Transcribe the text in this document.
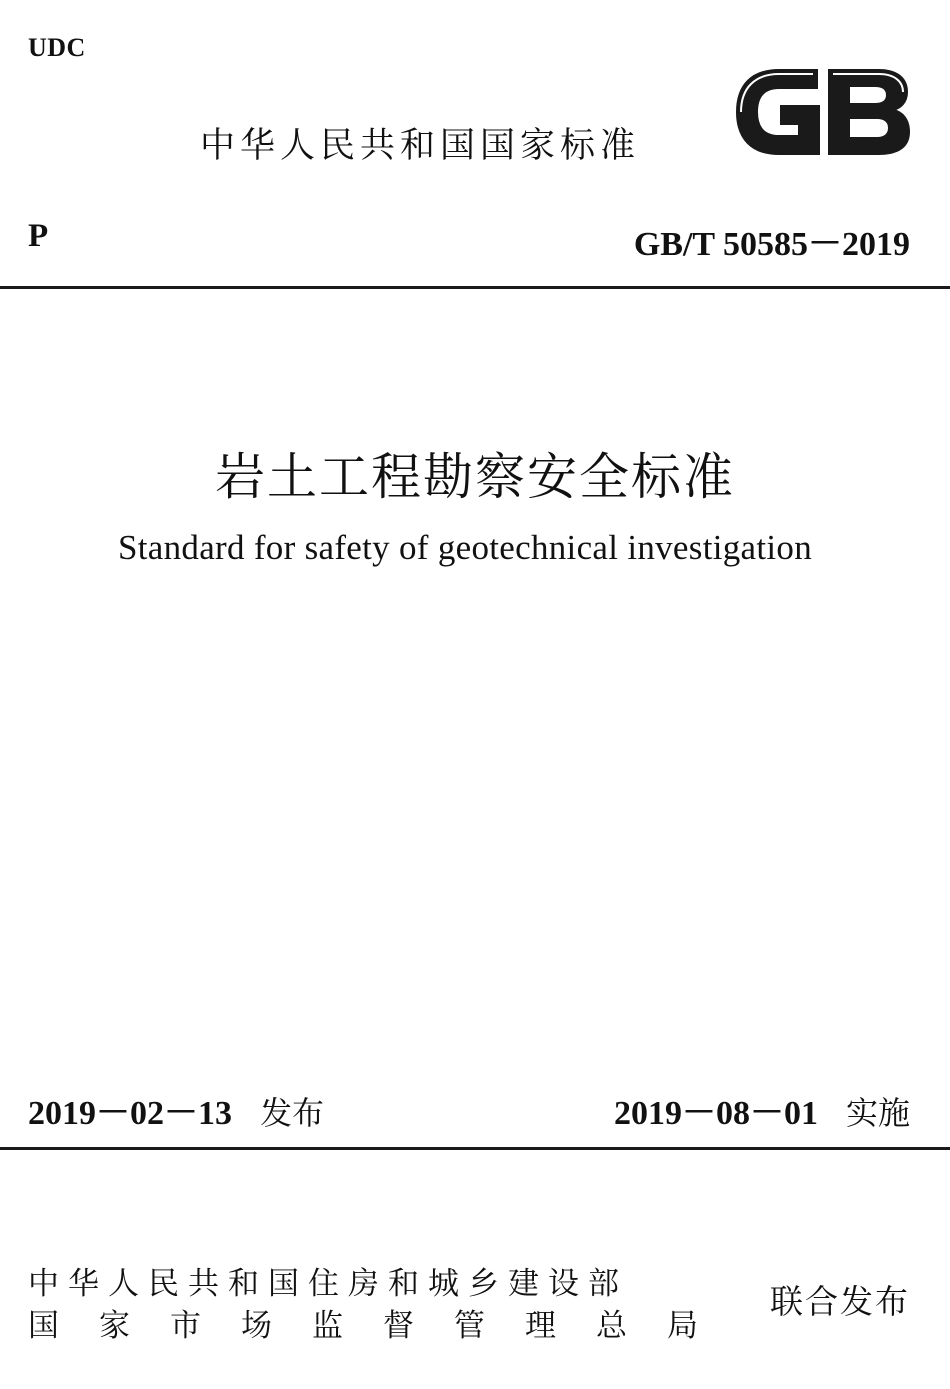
UDC
中华人民共和国国家标准
P	GB/T 50585－2019
岩土工程勘察安全标准
Standard for safety of geotechnical investigation
2019－02－13 发布	2019－08－01 实施
中华人民共和国住房和城乡建设部
国家市场监督管理总局
联合发布
